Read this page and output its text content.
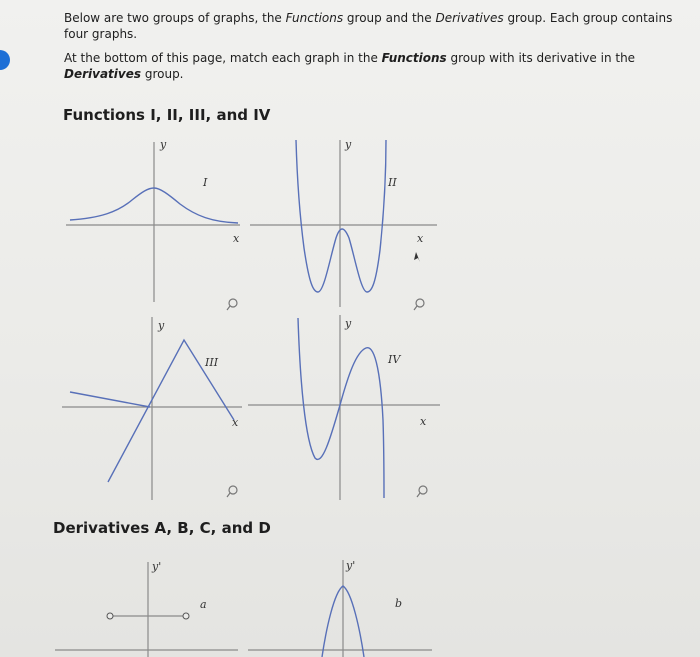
Below are two groups of graphs, the Functions group and the Derivatives group. Each group contains four graphs.

At the bottom of this page, match each graph in the Functions group with its derivative in the Derivatives group.

Functions I, II, III, and IV
Derivatives A, B, C, and D
y
I
x
y
II
x
y
III
x
y
IV
x
y'
a
y'
b
